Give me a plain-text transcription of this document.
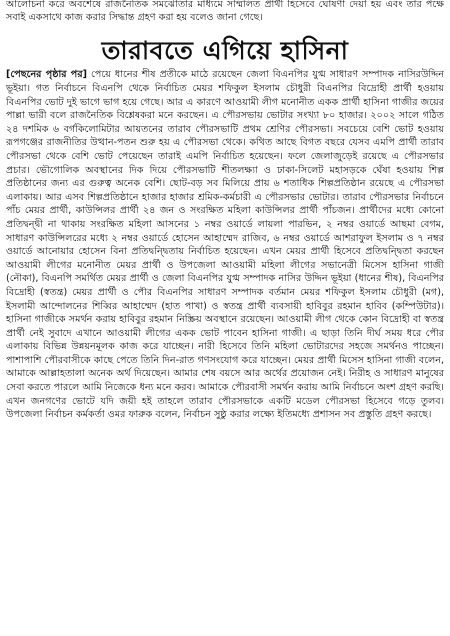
আলোচনা করে অবশেষে রাজনৈতিক সমঝোতার মাধ্যমে সম্মিলিত প্রার্থী হিসেবে ঘোষণা দেয়া হয় এবং তার পক্ষে সবাই একসাথে কাজ করার সিদ্ধান্ত গ্রহণ করা হয় বলেও জানা গেছে।

তারাবতে এগিয়ে হাসিনা

[পেছনের পৃষ্ঠার পর] পেয়ে ধানের শীষ প্রতীকে মাঠে রয়েছেন জেলা বিএনপির যুগ্ম সাধারণ সম্পাদক নাসিরউদ্দিন ভূইয়া। গত নির্বাচনে বিএনপি থেকে নির্বাচিত মেয়র শফিকুল ইসলাম চৌধুরী বিএনপির বিদ্রোহী প্রার্থী হওয়ায় বিএনপির ভোট দুই ভাগে ভাগ হয়ে গেছে। আর এ কারণে আওয়ামী লীগ মনোনীত একক প্রার্থী হাসিনা গাজীর জয়ের পাল্লা ভারী বলে রাজনৈতিক বিশ্লেষকরা মনে করছেন। এ পৌরসভায় ভোটার সংখ্যা ৮০ হাজার। ২০০২ সালে গঠিত ২৪ দশমিক ৬ বর্গকিলোমিটার আয়তনের তারাব পৌরসভাটি প্রথম শ্রেণির পৌরসভা। সবচেয়ে বেশি ভোট হওয়ায় রূপগঞ্জের রাজনীতির উত্থান-পতন শুরু হয় এ পৌরসভা থেকে। কথিত আছে বিগত বছরে যেসব এমপি প্রার্থী তারাব পৌরসভা থেকে বেশি ভোট পেয়েছেন তারাই এমপি নির্বাচিত হয়েছেন। ফলে জেলাজুড়েই রয়েছে এ পৌরসভার প্রচার। ভৌগোলিক অবস্থানের দিক দিয়ে পৌরসভাটি শীতলক্ষ্যা ও ঢাকা-সিলেট মহাসড়কে ঘেঁষা হওয়ায় শিল্প প্রতিষ্ঠানের জন্য এর গুরুত্ব অনেক বেশি। ছোট-বড় সব মিলিয়ে প্রায় ৬ শতাধিক শিল্পপ্রতিষ্ঠান রয়েছে এ পৌরসভা এলাকায়। আর এসব শিল্পপ্রতিষ্ঠানে হাজার হাজার শ্রমিক-কর্মচারী এ পৌরসভার ভোটার। তারাব পৌরসভার নির্বাচনে পাঁচ মেয়র প্রার্থী, কাউন্সিলর প্রার্থী ২৪ জন ও সংরক্ষিত মহিলা কাউন্সিলর প্রার্থী পাঁচজন। প্রার্থীদের মধ্যে কোনো প্রতিদ্বন্দ্বী না থাকায় সংরক্ষিত মহিলা আসনের ১ নম্বর ওয়ার্ডে লায়লা পারভিন, ২ নম্বর ওয়ার্ডে আছমা বেগম, সাধারণ কাউন্সিলরের মধ্যে ২ নম্বর ওয়ার্ডে হোসেন আহাম্মেদ রাজিব, ৬ নম্বর ওয়ার্ডে আশরাফুল ইসলাম ও ৭ নম্বর ওয়ার্ডে আনোয়ার হোসেন বিনা প্রতিদ্বন্দ্বিতায় নির্বাচিত হয়েছেন। এখন মেয়র প্রার্থী হিসেবে প্রতিদ্বন্দ্বিতা করছেন আওয়ামী লীগের মনোনীত মেয়র প্রার্থী ও উপজেলা আওয়ামী মহিলা লীগের সভানেত্রী মিসেস হাসিনা গাজী (নৌকা), বিএনপি সমর্থিত মেয়র প্রার্থী ও জেলা বিএনপির যুগ্ম সম্পাদক নাসির উদ্দিন ভূইয়া (ধানের শীষ), বিএনপির বিদ্রোহী (স্বতন্ত্র) মেয়র প্রার্থী ও পৌর বিএনপির সাধারণ সম্পাদক বর্তমান মেয়র শফিকুল ইসলাম চৌধুরী (মগ), ইসলামী আন্দোলনের শিব্বির আহাম্মেদ (হাত পাখা) ও স্বতন্ত্র প্রার্থী ব্যবসায়ী হাবিবুর রহমান হাবিব (কম্পিউটার)। হাসিনা গাজীকে সমর্থন করায় হাবিবুর রহমান নিস্ক্রিয় অবস্থানে রয়েছেন। আওয়ামী লীগ থেকে কোন বিদ্রোহী বা স্বতন্ত্র প্রার্থী নেই সুবাদে এখানে আওয়ামী লীগের একক ভোট পাবেন হাসিনা গাজী। এ ছাড়া তিনি দীর্ঘ সময় ধরে পৌর এলাকায় বিভিন্ন উন্নয়নমূলক কাজ করে যাচ্ছেন। নারী হিসেবে তিনি মহিলা ভোটারদের সহজে সমর্থনও পাচ্ছেন। পাশাপাশি পৌরবাসীকে কাছে পেতে তিনি দিন-রাত গণসংযোগ করে যাচ্ছেন। মেয়র প্রার্থী মিসেস হাসিনা গাজী বলেন, আমাকে আল্লাহতালা অনেক অর্থ দিয়েছেন। আমার শেষ বয়সে আর অর্থের প্রয়োজন নেই। নিরীহ ও সাধারণ মানুষের সেবা করতে পারলে আমি নিজেকে ধন্য মনে করব। আমাকে পৌরবাসী সমর্থন করায় আমি নির্বাচনে অংশ গ্রহণ করছি। এখন জনগণের ভোটে যদি জয়ী হই তাহলে তারাব পৌরসভাকে একটি মডেল পৌরসভা হিসেবে গড়ে তুলব। উপজেলা নির্বাচন কর্মকর্তা ওমর ফারুক বলেন, নির্বাচন সুষ্ঠু করার লক্ষ্যে ইতিমধ্যে প্রশাসন সব প্রস্তুতি গ্রহণ করছে।
